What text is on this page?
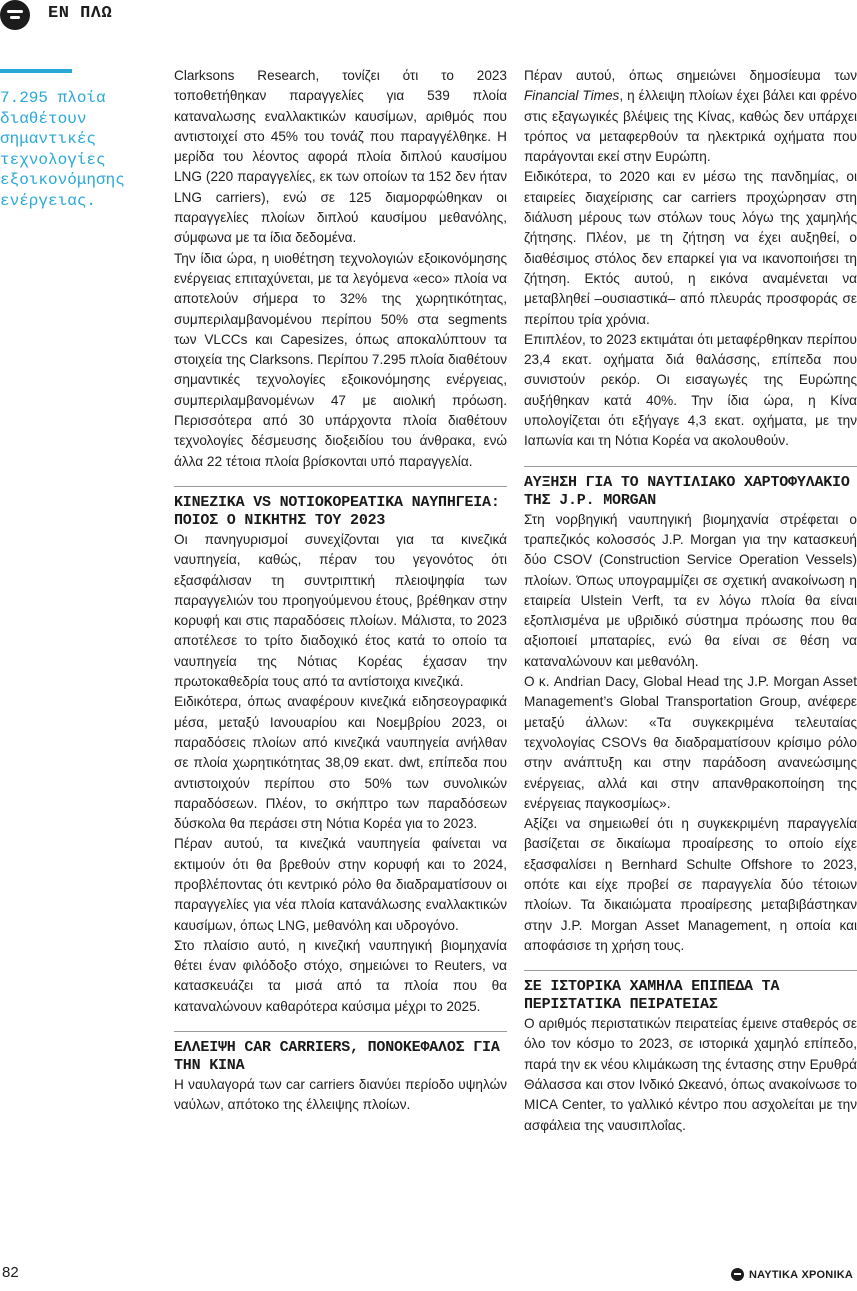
ΕΝ ΠΛΩ
7.295 πλοία διαθέτουν σημαντικές τεχνολογίες εξοικονόμησης ενέργειας.

Clarksons Research, τονίζει ότι το 2023 τοποθετήθηκαν παραγγελίες για 539 πλοία καταναλωσης εναλλακτικών καυσίμων, αριθμός που αντιστοιχεί στο 45% του τονάζ που παραγγέλθηκε. Η μερίδα του λέοντος αφορά πλοία διπλού καυσίμου LNG (220 παραγγελίες, εκ των οποίων τα 152 δεν ήταν LNG carriers), ενώ σε 125 διαμορφώθηκαν οι παραγγελίες πλοίων διπλού καυσίμου μεθανόλης, σύμφωνα με τα ίδια δεδομένα.

Την ίδια ώρα, η υιοθέτηση τεχνολογιών εξοικονόμησης ενέργειας επιταχύνεται, με τα λεγόμενα «eco» πλοία να αποτελούν σήμερα το 32% της χωρητικότητας, συμπεριλαμβανομένου περίπου 50% στα segments των VLCCs και Capesizes, όπως αποκαλύπτουν τα στοιχεία της Clarksons. Περίπου 7.295 πλοία διαθέτουν σημαντικές τεχνολογίες εξοικονόμησης ενέργειας, συμπεριλαμβανομένων 47 με αιολική πρόωση. Περισσότερα από 30 υπάρχοντα πλοία διαθέτουν τεχνολογίες δέσμευσης διοξειδίου του άνθρακα, ενώ άλλα 22 τέτοια πλοία βρίσκονται υπό παραγγελία.

ΚΙΝΕΖΙΚΑ VS ΝΟΤΙΟΚΟΡΕΑΤΙΚΑ ΝΑΥΠΗΓΕΙΑ: ΠΟΙΟΣ Ο ΝΙΚΗΤΗΣ ΤΟΥ 2023

Οι πανηγυρισμοί συνεχίζονται για τα κινεζικά ναυπηγεία, καθώς, πέραν του γεγονότος ότι εξασφάλισαν τη συντριπτική πλειοψηφία των παραγγελιών του προηγούμενου έτους, βρέθηκαν στην κορυφή και στις παραδόσεις πλοίων. Μάλιστα, το 2023 αποτέλεσε το τρίτο διαδοχικό έτος κατά το οποίο τα ναυπηγεία της Νότιας Κορέας έχασαν την πρωτοκαθεδρία τους από τα αντίστοιχα κινεζικά.

Ειδικότερα, όπως αναφέρουν κινεζικά ειδησεογραφικά μέσα, μεταξύ Ιανουαρίου και Νοεμβρίου 2023, οι παραδόσεις πλοίων από κινεζικά ναυπηγεία ανήλθαν σε πλοία χωρητικότητας 38,09 εκατ. dwt, επίπεδα που αντιστοιχούν περίπου στο 50% των συνολικών παραδόσεων. Πλέον, το σκήπτρο των παραδόσεων δύσκολα θα περάσει στη Νότια Κορέα για το 2023.

Πέραν αυτού, τα κινεζικά ναυπηγεία φαίνεται να εκτιμούν ότι θα βρεθούν στην κορυφή και το 2024, προβλέποντας ότι κεντρικό ρόλο θα διαδραματίσουν οι παραγγελίες για νέα πλοία κατανάλωσης εναλλακτικών καυσίμων, όπως LNG, μεθανόλη και υδρογόνο.

Στο πλαίσιο αυτό, η κινεζική ναυπηγική βιομηχανία θέτει έναν φιλόδοξο στόχο, σημειώνει το Reuters, να κατασκευάζει τα μισά από τα πλοία που θα καταναλώνουν καθαρότερα καύσιμα μέχρι το 2025.

ΕΛΛΕΙΨΗ CAR CARRIERS, ΠΟΝΟΚΕΦΑΛΟΣ ΓΙΑ ΤΗΝ ΚΙΝΑ

Η ναυλαγορά των car carriers διανύει περίοδο υψηλών ναύλων, απότοκο της έλλειψης πλοίων.

Πέραν αυτού, όπως σημειώνει δημοσίευμα των Financial Times, η έλλειψη πλοίων έχει βάλει και φρένο στις εξαγωγικές βλέψεις της Κίνας, καθώς δεν υπάρχει τρόπος να μεταφερθούν τα ηλεκτρικά οχήματα που παράγονται εκεί στην Ευρώπη.

Ειδικότερα, το 2020 και εν μέσω της πανδημίας, οι εταιρείες διαχείρισης car carriers προχώρησαν στη διάλυση μέρους των στόλων τους λόγω της χαμηλής ζήτησης. Πλέον, με τη ζήτηση να έχει αυξηθεί, ο διαθέσιμος στόλος δεν επαρκεί για να ικανοποιήσει τη ζήτηση. Εκτός αυτού, η εικόνα αναμένεται να μεταβληθεί –ουσιαστικά– από πλευράς προσφοράς σε περίπου τρία χρόνια.

Επιπλέον, το 2023 εκτιμάται ότι μεταφέρθηκαν περίπου 23,4 εκατ. οχήματα διά θαλάσσης, επίπεδα που συνιστούν ρεκόρ. Οι εισαγωγές της Ευρώπης αυξήθηκαν κατά 40%. Την ίδια ώρα, η Κίνα υπολογίζεται ότι εξήγαγε 4,3 εκατ. οχήματα, με την Ιαπωνία και τη Νότια Κορέα να ακολουθούν.

ΑΥΞΗΣΗ ΓΙΑ ΤΟ ΝΑΥΤΙΛΙΑΚΟ ΧΑΡΤΟΦΥΛΑΚΙΟ ΤΗΣ J.P. MORGAN

Στη νορβηγική ναυπηγική βιομηχανία στρέφεται ο τραπεζικός κολοσσός J.P. Morgan για την κατασκευή δύο CSOV (Construction Service Operation Vessels) πλοίων. Όπως υπογραμμίζει σε σχετική ανακοίνωση η εταιρεία Ulstein Verft, τα εν λόγω πλοία θα είναι εξοπλισμένα με υβριδικό σύστημα πρόωσης που θα αξιοποιεί μπαταρίες, ενώ θα είναι σε θέση να καταναλώνουν και μεθανόλη.

Ο κ. Andrian Dacy, Global Head της J.P. Morgan Asset Management’s Global Transportation Group, ανέφερε μεταξύ άλλων: «Τα συγκεκριμένα τελευταίας τεχνολογίας CSOVs θα διαδραματίσουν κρίσιμο ρόλο στην ανάπτυξη και στην παράδοση ανανεώσιμης ενέργειας, αλλά και στην απανθρακοποίηση της ενέργειας παγκοσμίως».

Αξίζει να σημειωθεί ότι η συγκεκριμένη παραγγελία βασίζεται σε δικαίωμα προαίρεσης το οποίο είχε εξασφαλίσει η Bernhard Schulte Offshore το 2023, οπότε και είχε προβεί σε παραγγελία δύο τέτοιων πλοίων. Τα δικαιώματα προαίρεσης μεταβιβάστηκαν στην J.P. Morgan Asset Management, η οποία και αποφάσισε τη χρήση τους.

ΣΕ ΙΣΤΟΡΙΚΑ ΧΑΜΗΛΑ ΕΠΙΠΕΔΑ ΤΑ ΠΕΡΙΣΤΑΤΙΚΑ ΠΕΙΡΑΤΕΙΑΣ

Ο αριθμός περιστατικών πειρατείας έμεινε σταθερός σε όλο τον κόσμο το 2023, σε ιστορικά χαμηλό επίπεδο, παρά την εκ νέου κλιμάκωση της έντασης στην Ερυθρά Θάλασσα και στον Ινδικό Ωκεανό, όπως ανακοίνωσε το MICA Center, το γαλλικό κέντρο που ασχολείται με την ασφάλεια της ναυσιπλοΐας.

82	ΝΑΥΤΙΚΑ ΧΡΟΝΙΚΑ
